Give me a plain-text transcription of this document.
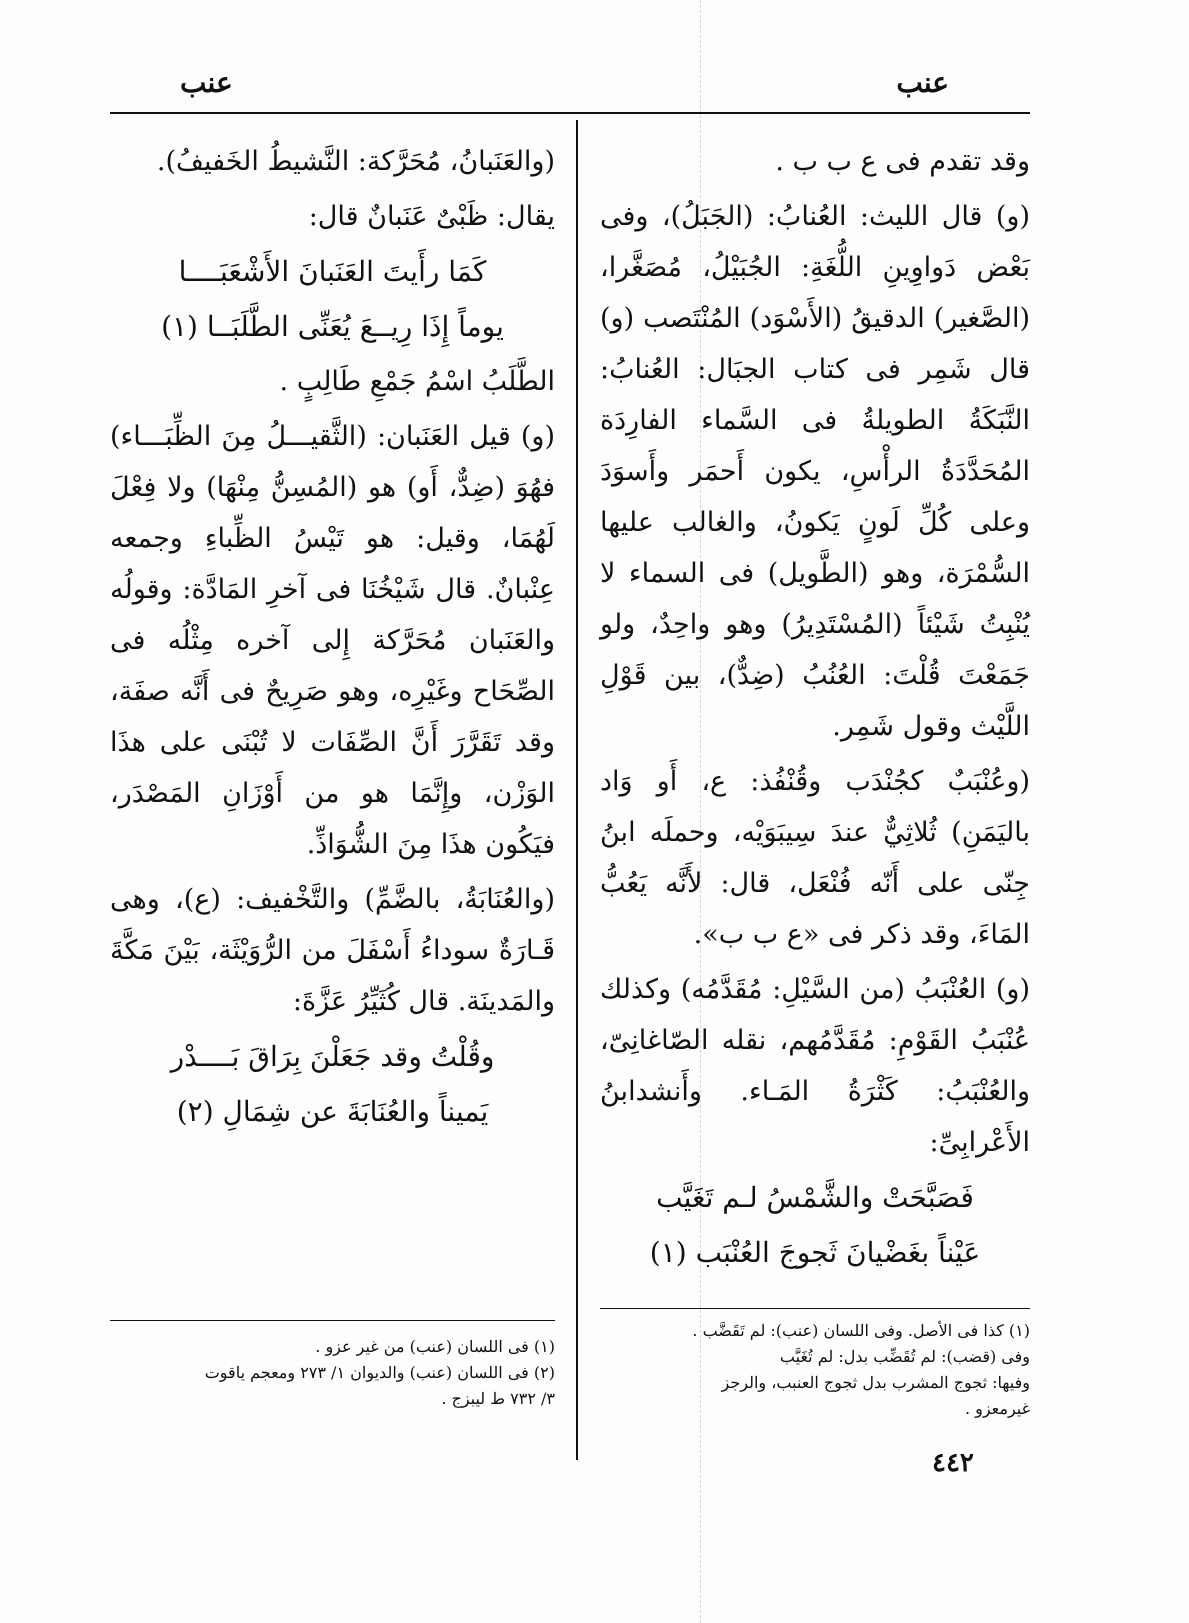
عنب
عنب

وقد تقدم فى ع ب ب .

(و) قال الليث: العُنابُ: (الجَبَلُ)، وفى بَعْض دَواوِينِ اللُّغَةِ: الجُبَيْلُ، مُصَغَّرا، (الصَّغير) الدقيقُ (الأَسْوَد) المُنْتَصب (و) قال شَمِر فى كتاب الجبَال: العُنابُ: النَّبَكَةُ الطويلةُ فى السَّماء الفارِدَة المُحَدَّدَةُ الرأْسِ، يكون أَحمَر وأَسوَدَ وعلى كُلِّ لَونٍ يَكونُ، والغالب عليها السُّمْرَة، وهو (الطَّويل) فى السماء لا يُنْبِتُ شَيْئاً (المُسْتَدِيرُ) وهو واحِدٌ، ولو جَمَعْتَ قُلْتَ: العُنُبُ (ضِدٌّ)، بين قَوْلِ اللَّيْث وقول شَمِر.

(وعُنْبَبٌ كجُنْدَب وقُنْفُذ: ع، أَو وَاد باليَمَنِ) ثُلاثِيٌّ عندَ سِيبَوَيْه، وحملَه ابنُ جِنّى على أَنّه فُنْعَل، قال: لأَنَّه يَعُبُّ المَاءَ، وقد ذكر فى «ع ب ب».

(و) العُنْبَبُ (من السَّيْلِ: مُقَدَّمُه) وكذلك عُنْبَبُ القَوْمِ: مُقَدَّمُهم، نقله الصّاغانِىّ، والعُنْبَبُ: كَثْرَةُ المَـاء. وأَنشدابنُ الأَعْرابِىِّ:

فَصَبَّحَتْ والشَّمْسُ لـم تَغَيَّب

عَيْناً بغَضْيانَ ثَجوجَ العُنْبَب (١)

(والعَنَبانُ، مُحَرَّكة: النَّشيطُ الخَفيفُ).

يقال: ظَبْىٌ عَنَبانٌ قال:

كَمَا رأَيتَ العَنَبانَ الأَشْعَبَــــا

يوماً إِذَا رِيــعَ يُعَنِّى الطَّلَبَــا (١)

الطَّلَبُ اسْمُ جَمْعِ طَالِبٍ .

(و) قيل العَنَبان: (الثَّقيـــلُ مِنَ الظِّبَـــاء) فهُوَ (ضِدٌّ، أَو) هو (المُسِنُّ مِنْهَا) ولا فِعْلَ لَهُمَا، وقيل: هو تَيْسُ الظِّباءِ وجمعه عِنْبانٌ. قال شَيْخُنَا فى آخرِ المَادَّة: وقولُه والعَنَبان مُحَرَّكة إِلى آخره مِثْلُه فى الصِّحَاح وغَيْرِه، وهو صَرِيحٌ فى أَنَّه صفَة، وقد تَقَرَّرَ أَنَّ الصِّفَات لا تُبْنَى على هذَا الوَزْن، وإِنَّمَا هو من أَوْزَانِ المَصْدَر، فيَكُون هذَا مِنَ الشُّوَاذِّ.

(والعُنَابَةُ، بالضَّمِّ) والتَّخْفيف: (ع)، وهى قَـارَةٌ سوداءُ أَسْفَلَ من الرُّوَيْثَة، بَيْنَ مَكَّةَ والمَدينَة. قال كُثَيِّرُ عَزَّةَ:

وقُلْتُ وقد جَعَلْنَ بِرَاقَ بَــــدْر

يَميناً والعُنَابَةَ عن شِمَالِ (٢)

(١) كذا فى الأصل. وفى اللسان (عنب): لم تَقَضَّب .

وفى (قضب): لم تُقَضِّب بدل: لم تُغَيَّب

وفيها: ثجوج المشرب بدل ثجوج العنبب، والرجز

غيرمعزو .

(١) فى اللسان (عنب) من غير عزو .

(٢) فى اللسان (عنب) والديوان ١/ ٢٧٣ ومعجم ياقوت

٣/ ٧٣٢ ط ليبزج .

٤٤٢
